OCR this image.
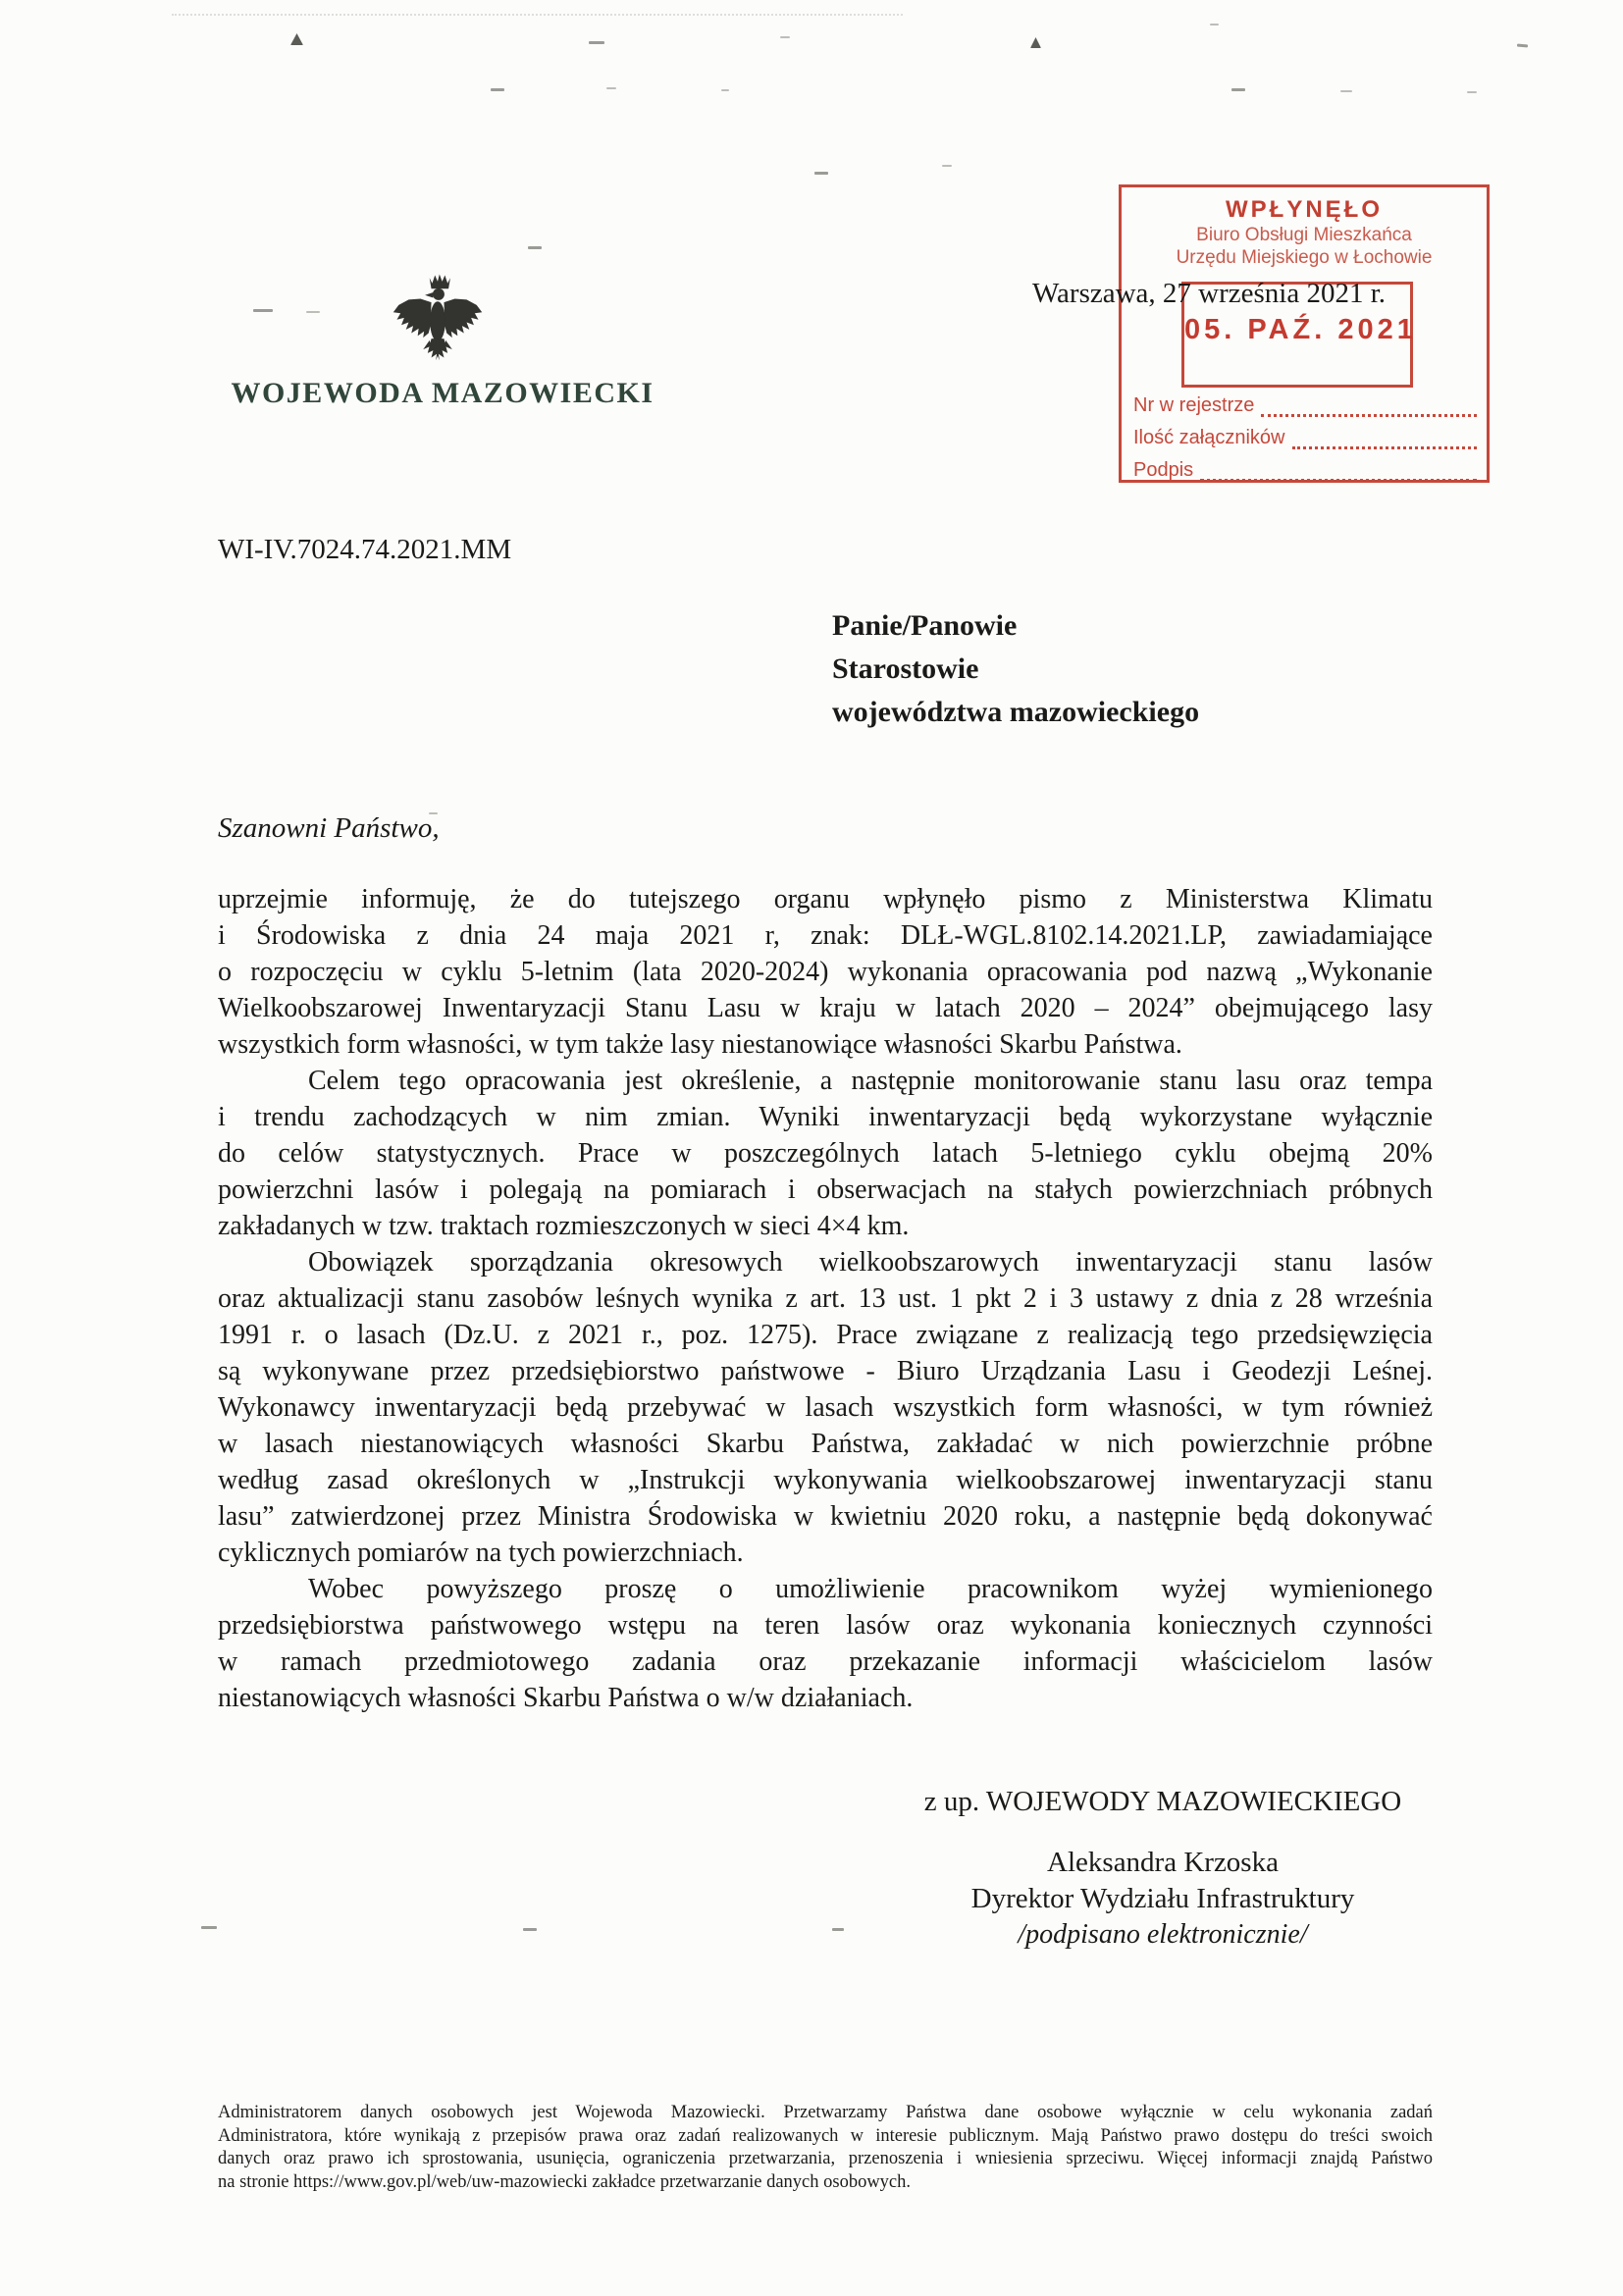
WOJEWODA MAZOWIECKI
Warszawa, 27 września 2021 r.
WPŁYNĘŁO
Biuro Obsługi Mieszkańca
Urzędu Miejskiego w Łochowie
05. PAŹ. 2021
Nr w rejestrze
Ilość załączników
Podpis
WI-IV.7024.74.2021.MM
Panie/Panowie
Starostowie
województwa mazowieckiego
Szanowni Państwo,
uprzejmie informuję, że do tutejszego organu wpłynęło pismo z Ministerstwa Klimatu
i Środowiska z dnia 24 maja 2021 r, znak: DLŁ-WGL.8102.14.2021.LP, zawiadamiające
o rozpoczęciu w cyklu 5-letnim (lata 2020-2024) wykonania opracowania pod nazwą „Wykonanie
Wielkoobszarowej Inwentaryzacji Stanu Lasu w kraju w latach 2020 – 2024” obejmującego lasy
wszystkich form własności, w tym także lasy niestanowiące własności Skarbu Państwa.
Celem tego opracowania jest określenie, a następnie monitorowanie stanu lasu oraz tempa
i trendu zachodzących w nim zmian. Wyniki inwentaryzacji będą wykorzystane wyłącznie
do celów statystycznych. Prace w poszczególnych latach 5-letniego cyklu obejmą 20%
powierzchni lasów i polegają na pomiarach i obserwacjach na stałych powierzchniach próbnych
zakładanych w tzw. traktach rozmieszczonych w sieci 4×4 km.
Obowiązek sporządzania okresowych wielkoobszarowych inwentaryzacji stanu lasów
oraz aktualizacji stanu zasobów leśnych wynika z art. 13 ust. 1 pkt 2 i 3 ustawy z dnia z 28 września
1991 r. o lasach (Dz.U. z 2021 r., poz. 1275). Prace związane z realizacją tego przedsięwzięcia
są wykonywane przez przedsiębiorstwo państwowe - Biuro Urządzania Lasu i Geodezji Leśnej.
Wykonawcy inwentaryzacji będą przebywać w lasach wszystkich form własności, w tym również
w lasach niestanowiących własności Skarbu Państwa, zakładać w nich powierzchnie próbne
według zasad określonych w „Instrukcji wykonywania wielkoobszarowej inwentaryzacji stanu
lasu” zatwierdzonej przez Ministra Środowiska w kwietniu 2020 roku, a następnie będą dokonywać
cyklicznych pomiarów na tych powierzchniach.
Wobec powyższego proszę o umożliwienie pracownikom wyżej wymienionego
przedsiębiorstwa państwowego wstępu na teren lasów oraz wykonania koniecznych czynności
w ramach przedmiotowego zadania oraz przekazanie informacji właścicielom lasów
niestanowiących własności Skarbu Państwa o w/w działaniach.
z up. WOJEWODY MAZOWIECKIEGO
Aleksandra Krzoska
Dyrektor Wydziału Infrastruktury
/podpisano elektronicznie/
Administratorem danych osobowych jest Wojewoda Mazowiecki. Przetwarzamy Państwa dane osobowe wyłącznie w celu wykonania zadań
Administratora, które wynikają z przepisów prawa oraz zadań realizowanych w interesie publicznym. Mają Państwo prawo dostępu do treści swoich
danych oraz prawo ich sprostowania, usunięcia, ograniczenia przetwarzania, przenoszenia i wniesienia sprzeciwu. Więcej informacji znajdą Państwo
na stronie https://www.gov.pl/web/uw-mazowiecki zakładce przetwarzanie danych osobowych.
